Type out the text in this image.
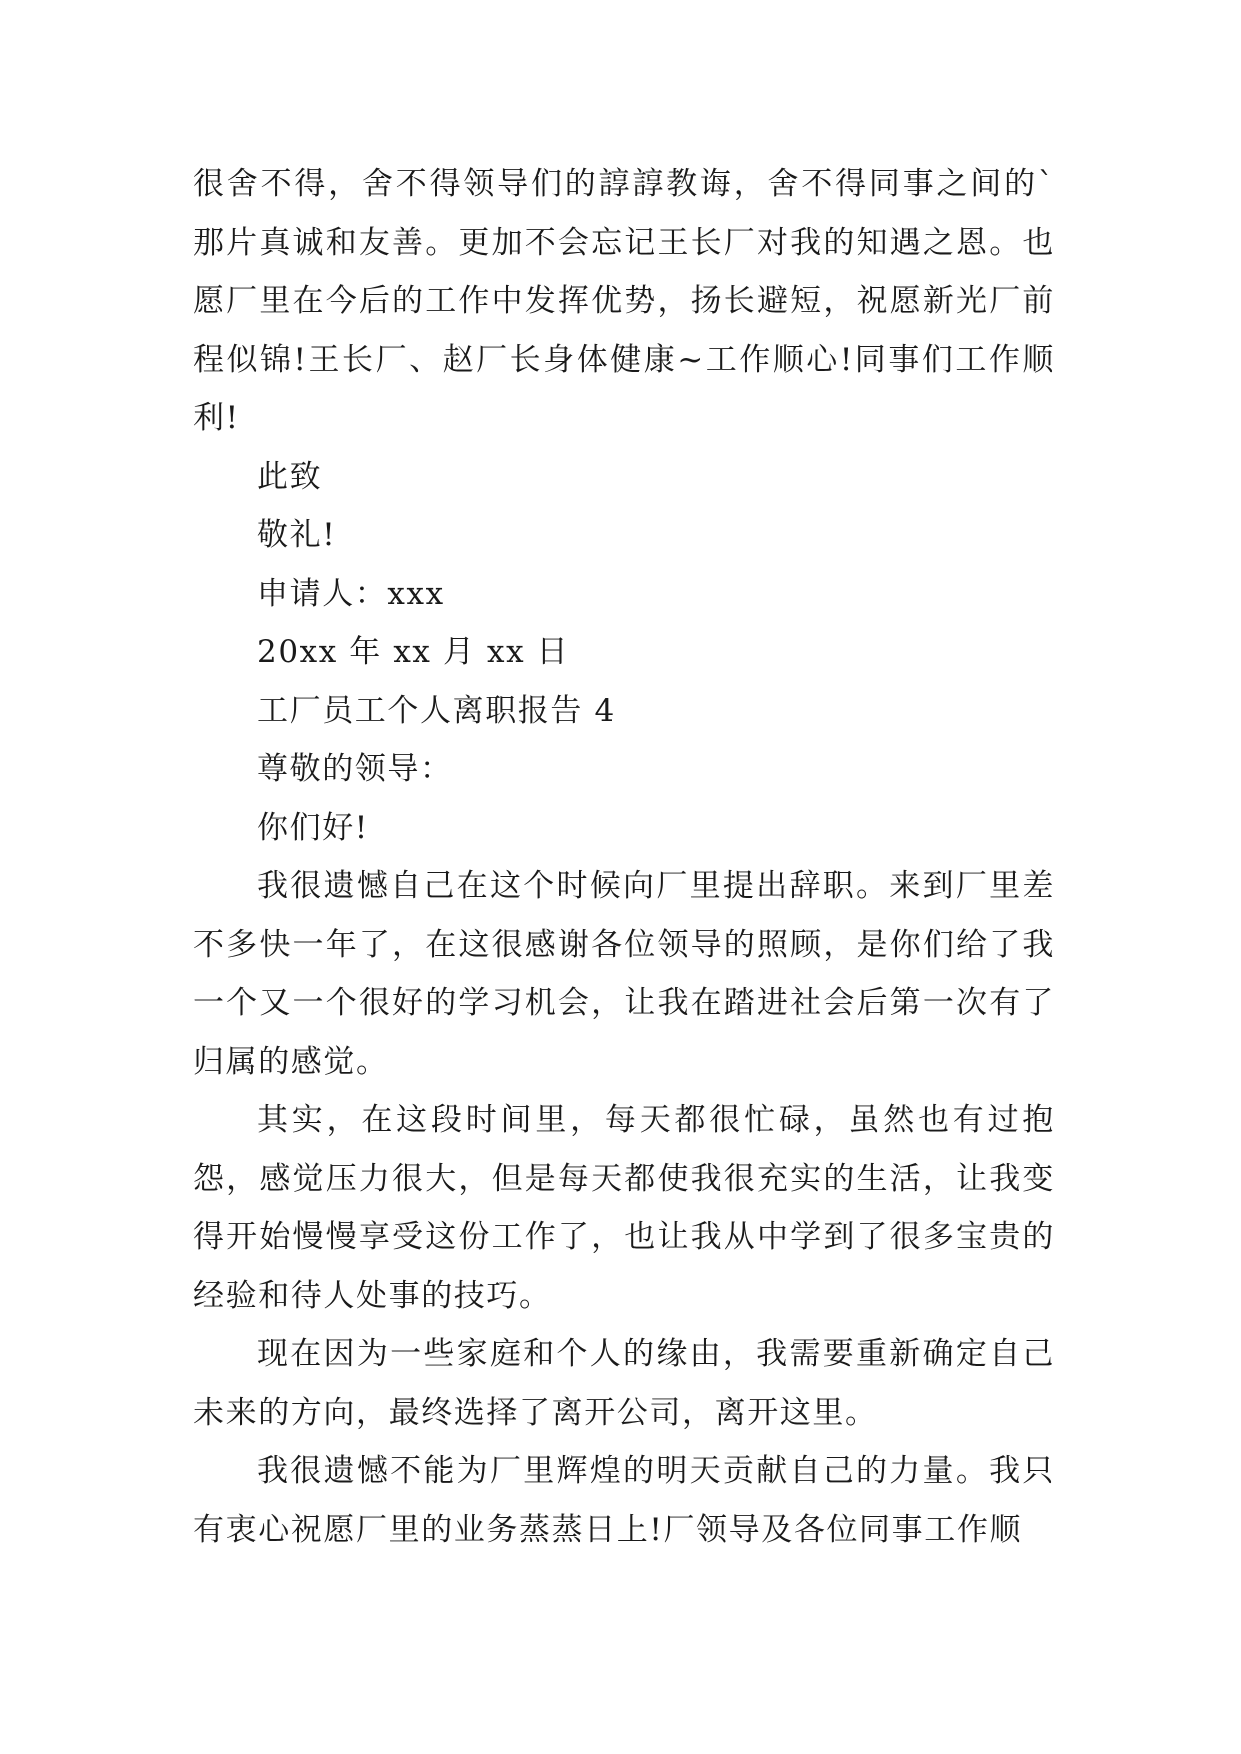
很舍不得，舍不得领导们的諄諄教诲，舍不得同事之间的`那片真诚和友善。更加不会忘记王长厂对我的知遇之恩。也愿厂里在今后的工作中发挥优势，扬长避短，祝愿新光厂前程似锦!王长厂、赵厂长身体健康~工作顺心!同事们工作顺利!

此致

敬礼!

申请人：xxx

20xx 年 xx 月 xx 日

工厂员工个人离职报告 4

尊敬的领导：

你们好!

我很遗憾自己在这个时候向厂里提出辞职。来到厂里差不多快一年了，在这很感谢各位领导的照顾，是你们给了我一个又一个很好的学习机会，让我在踏进社会后第一次有了归属的感觉。

其实，在这段时间里，每天都很忙碌，虽然也有过抱怨，感觉压力很大，但是每天都使我很充实的生活，让我变得开始慢慢享受这份工作了，也让我从中学到了很多宝贵的经验和待人处事的技巧。

现在因为一些家庭和个人的缘由，我需要重新确定自己未来的方向，最终选择了离开公司，离开这里。

我很遗憾不能为厂里辉煌的明天贡献自己的力量。我只有衷心祝愿厂里的业务蒸蒸日上!厂领导及各位同事工作顺
